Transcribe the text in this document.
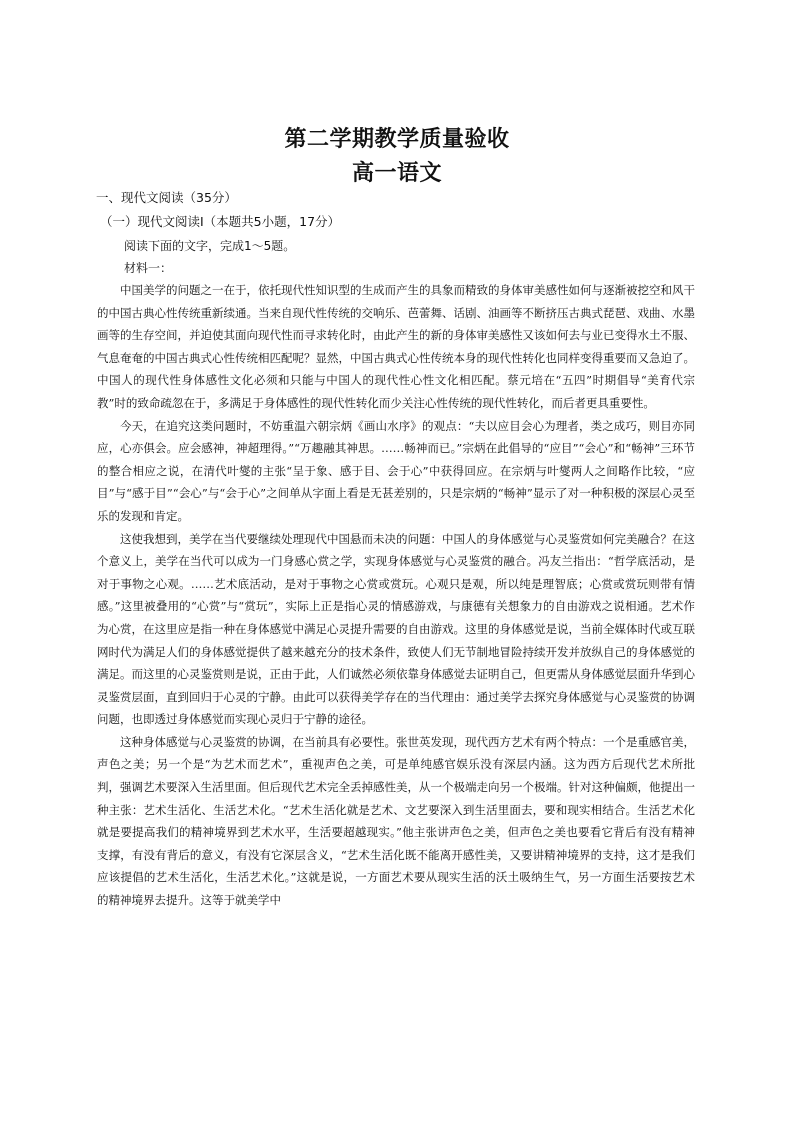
第二学期教学质量验收
高一语文
一、现代文阅读（35分）
（一）现代文阅读Ⅰ（本题共5小题，17分）
阅读下面的文字，完成1～5题。
材料一：

中国美学的问题之一在于，依托现代性知识型的生成而产生的具象而精致的身体审美感性如何与逐渐被挖空和风干的中国古典心性传统重新续通。当来自现代性传统的交响乐、芭蕾舞、话剧、油画等不断挤压古典式琵琶、戏曲、水墨画等的生存空间，并迫使其面向现代性而寻求转化时，由此产生的新的身体审美感性又该如何去与业已变得水土不服、气息奄奄的中国古典式心性传统相匹配呢？显然，中国古典式心性传统本身的现代性转化也同样变得重要而又急迫了。中国人的现代性身体感性文化必须和只能与中国人的现代性心性文化相匹配。蔡元培在“五四”时期倡导“美育代宗教”时的致命疏忽在于，多满足于身体感性的现代性转化而少关注心性传统的现代性转化，而后者更具重要性。

今天，在追究这类问题时，不妨重温六朝宗炳《画山水序》的观点：“夫以应目会心为理者，类之成巧，则目亦同应，心亦俱会。应会感神，神超理得。”“万趣融其神思。……畅神而已。”宗炳在此倡导的“应目”“会心”和“畅神”三环节的整合相应之说，在清代叶燮的主张“呈于象、感于目、会于心”中获得回应。在宗炳与叶燮两人之间略作比较，“应目”与“感于目”“会心”与“会于心”之间单从字面上看是无甚差别的，只是宗炳的“畅神”显示了对一种积极的深层心灵至乐的发现和肯定。

这使我想到，美学在当代要继续处理现代中国悬而未决的问题：中国人的身体感觉与心灵鉴赏如何完美融合？在这个意义上，美学在当代可以成为一门身感心赏之学，实现身体感觉与心灵鉴赏的融合。冯友兰指出：“哲学底活动，是对于事物之心观。……艺术底活动，是对于事物之心赏或赏玩。心观只是观，所以纯是理智底；心赏或赏玩则带有情感。”这里被叠用的“心赏”与“赏玩”，实际上正是指心灵的情感游戏，与康德有关想象力的自由游戏之说相通。艺术作为心赏，在这里应是指一种在身体感觉中满足心灵提升需要的自由游戏。这里的身体感觉是说，当前全媒体时代或互联网时代为满足人们的身体感觉提供了越来越充分的技术条件，致使人们无节制地冒险持续开发并放纵自己的身体感觉的满足。而这里的心灵鉴赏则是说，正由于此，人们诚然必须依靠身体感觉去证明自己，但更需从身体感觉层面升华到心灵鉴赏层面，直到回归于心灵的宁静。由此可以获得美学存在的当代理由：通过美学去探究身体感觉与心灵鉴赏的协调问题，也即透过身体感觉而实现心灵归于宁静的途径。

这种身体感觉与心灵鉴赏的协调，在当前具有必要性。张世英发现，现代西方艺术有两个特点：一个是重感官美，声色之美；另一个是“为艺术而艺术”，重视声色之美，可是单纯感官娱乐没有深层内涵。这为西方后现代艺术所批判，强调艺术要深入生活里面。但后现代艺术完全丢掉感性美，从一个极端走向另一个极端。针对这种偏颇，他提出一种主张：艺术生活化、生活艺术化。“艺术生活化就是艺术、文艺要深入到生活里面去，要和现实相结合。生活艺术化就是要提高我们的精神境界到艺术水平，生活要超越现实。”他主张讲声色之美，但声色之美也要看它背后有没有精神支撑，有没有背后的意义，有没有它深层含义，“艺术生活化既不能离开感性美，又要讲精神境界的支持，这才是我们应该提倡的艺术生活化，生活艺术化。”这就是说，一方面艺术要从现实生活的沃土吸纳生气，另一方面生活要按艺术的精神境界去提升。这等于就美学中
